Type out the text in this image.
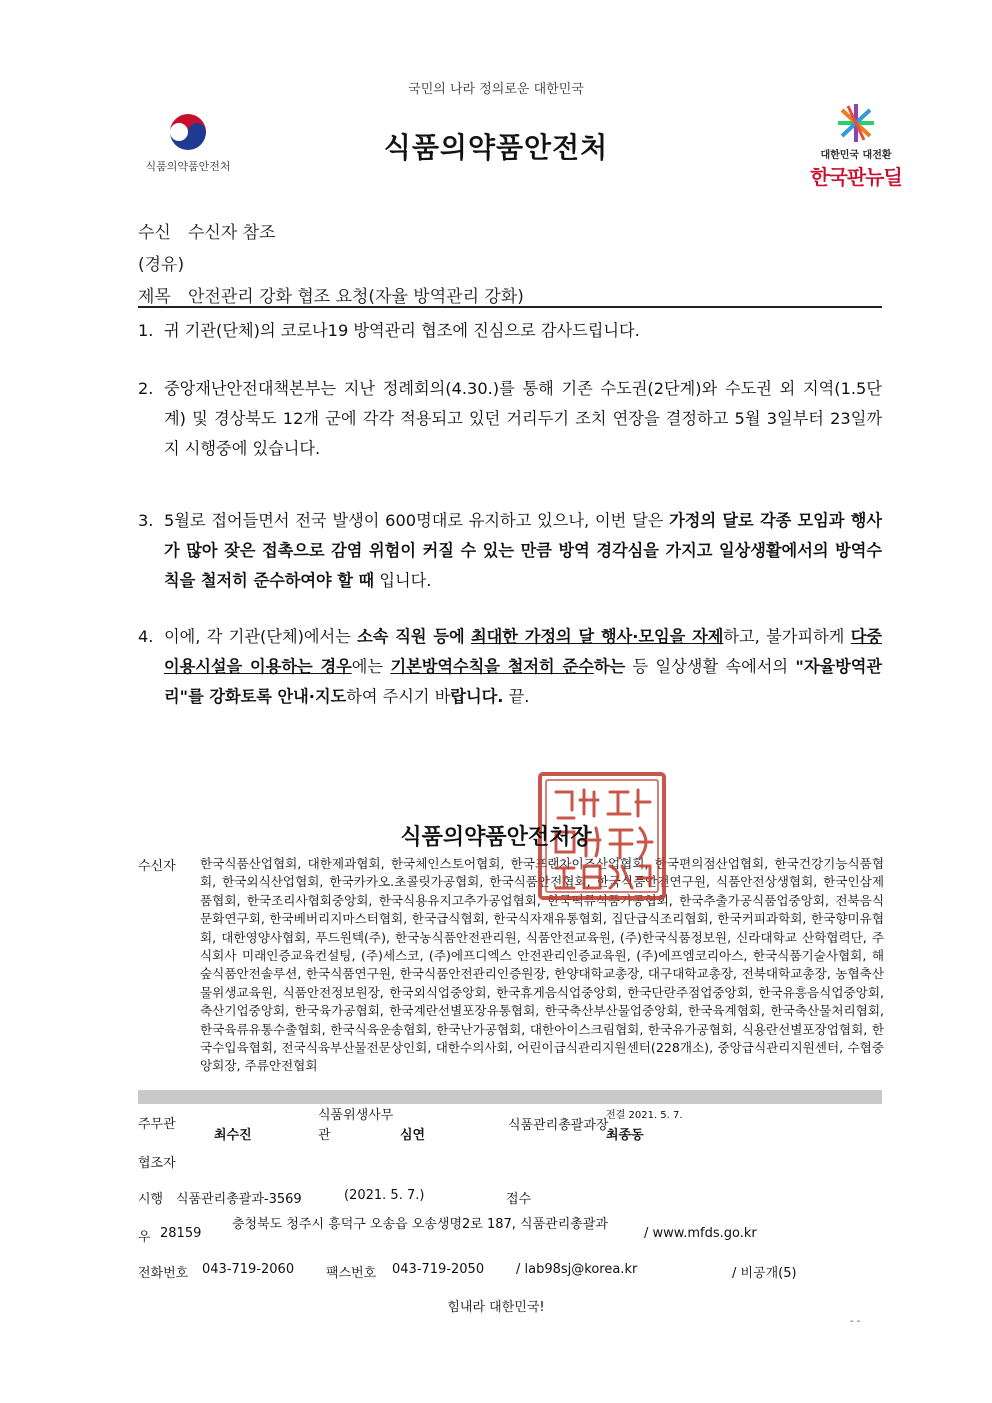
국민의 나라 정의로운 대한민국
식품의약품안전처
식품의약품안전처	대한민국 대전환
한국판뉴딜
수신 수신자 참조
(경유)
제목 안전관리 강화 협조 요청(자율 방역관리 강화)
1. 귀 기관(단체)의 코로나19 방역관리 협조에 진심으로 감사드립니다.
2. 중앙재난안전대책본부는 지난 정례회의(4.30.)를 통해 기존 수도권(2단계)와 수도권 외 지역(1.5단계) 및 경상북도 12개 군에 각각 적용되고 있던 거리두기 조치 연장을 결정하고 5월 3일부터 23일까지 시행중에 있습니다.
3. 5월로 접어들면서 전국 발생이 600명대로 유지하고 있으나, 이번 달은 가정의 달로 각종 모임과 행사가 많아 잦은 접촉으로 감염 위험이 커질 수 있는 만큼 방역 경각심을 가지고 일상생활에서의 방역수칙을 철저히 준수하여야 할 때 입니다.
4. 이에, 각 기관(단체)에서는 소속 직원 등에 최대한 가정의 달 행사·모임을 자제하고, 불가피하게 다중이용시설을 이용하는 경우에는 기본방역수칙을 철저히 준수하는 등 일상생활 속에서의 "자율방역관리"를 강화토록 안내·지도하여 주시기 바랍니다. 끝.
식품의약품안전처장
수신자 한국식품산업협회, 대한제과협회, 한국체인스토어협회, 한국프랜차이즈산업협회, 한국편의점산업협회, 한국건강기능식품협회, 한국외식산업협회, 한국카카오.초콜릿가공협회, 한국식품안전협회, 한국식품안전연구원, 식품안전상생협회, 한국인삼제품협회, 한국조리사협회중앙회, 한국식용유지고추가공업협회, 한국떡류식품가공협회, 한국추출가공식품업중앙회, 전북음식문화연구회, 한국베버리지마스터협회, 한국급식협회, 한국식자재유통협회, 집단급식조리협회, 한국커피과학회, 한국향미유협회, 대한영양사협회, 푸드원텍(주), 한국농식품안전관리원, 식품안전교육원, (주)한국식품정보원, 신라대학교 산학협력단, 주식회사 미래인증교육컨설팅, (주)세스코, (주)에프디엑스 안전관리인증교육원, (주)에프엠코리아스, 한국식품기술사협회, 해숲식품안전솔루션, 한국식품연구원, 한국식품안전관리인증원장, 한양대학교총장, 대구대학교총장, 전북대학교총장, 농협축산물위생교육원, 식품안전정보원장, 한국외식업중앙회, 한국휴게음식업중앙회, 한국단란주점업중앙회, 한국유흥음식업중앙회, 축산기업중앙회, 한국육가공협회, 한국계란선별포장유통협회, 한국축산부산물업중앙회, 한국육계협회, 한국축산물처리협회, 한국육류유통수출협회, 한국식육운송협회, 한국난가공협회, 대한아이스크림협회, 한국유가공협회, 식용란선별포장업협회, 한국수입육협회, 전국식육부산물전문상인회, 대한수의사회, 어린이급식관리지원센터(228개소), 중앙급식관리지원센터, 수협중앙회장, 주류안전협회
주무관
최수진
식품위생사무
관	심연
식품관리총괄과장
전결 2021. 5. 7.
최종동
협조자
시행 식품관리총괄과-3569	(2021. 5. 7.)	접수
우 28159
충청북도 청주시 흥덕구 오송읍 오송생명2로 187, 식품관리총괄과
/ www.mfds.go.kr
전화번호 043-719-2060 팩스번호 043-719-2050 / lab98sj@korea.kr	/ 비공개(5)
힘내라 대한민국!
- -
